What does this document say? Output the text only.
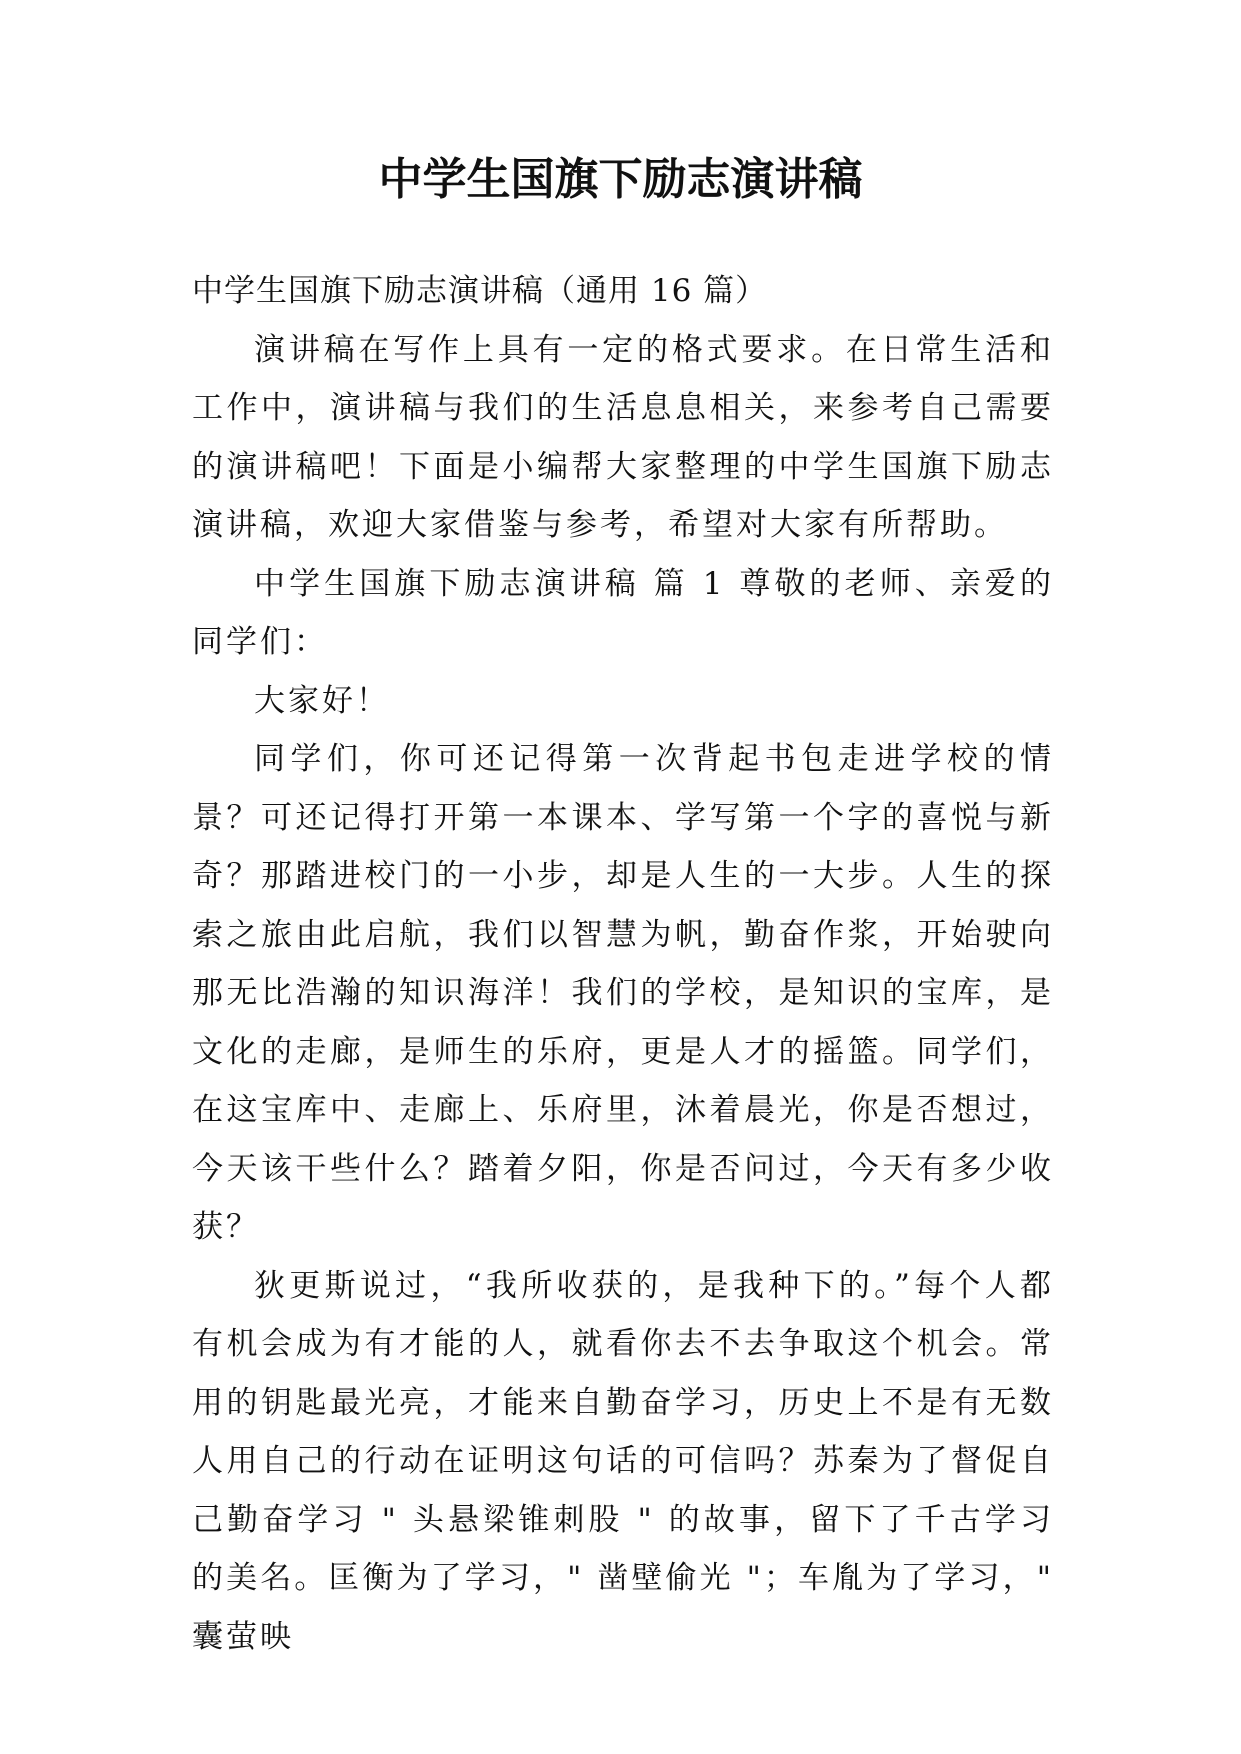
中学生国旗下励志演讲稿

中学生国旗下励志演讲稿（通用 16 篇）

演讲稿在写作上具有一定的格式要求。在日常生活和工作中，演讲稿与我们的生活息息相关，来参考自己需要的演讲稿吧！下面是小编帮大家整理的中学生国旗下励志演讲稿，欢迎大家借鉴与参考，希望对大家有所帮助。

中学生国旗下励志演讲稿 篇 1 尊敬的老师、亲爱的同学们：

大家好！

同学们，你可还记得第一次背起书包走进学校的情景？可还记得打开第一本课本、学写第一个字的喜悦与新奇？那踏进校门的一小步，却是人生的一大步。人生的探索之旅由此启航，我们以智慧为帆，勤奋作浆，开始驶向那无比浩瀚的知识海洋！我们的学校，是知识的宝库，是文化的走廊，是师生的乐府，更是人才的摇篮。同学们，在这宝库中、走廊上、乐府里，沐着晨光，你是否想过，今天该干些什么？踏着夕阳，你是否问过，今天有多少收获？

狄更斯说过，“我所收获的，是我种下的。”每个人都有机会成为有才能的人，就看你去不去争取这个机会。常用的钥匙最光亮，才能来自勤奋学习，历史上不是有无数人用自己的行动在证明这句话的可信吗？苏秦为了督促自己勤奋学习 " 头悬梁锥刺股 " 的故事，留下了千古学习的美名。匡衡为了学习，" 凿壁偷光 "；车胤为了学习，" 囊萤映
